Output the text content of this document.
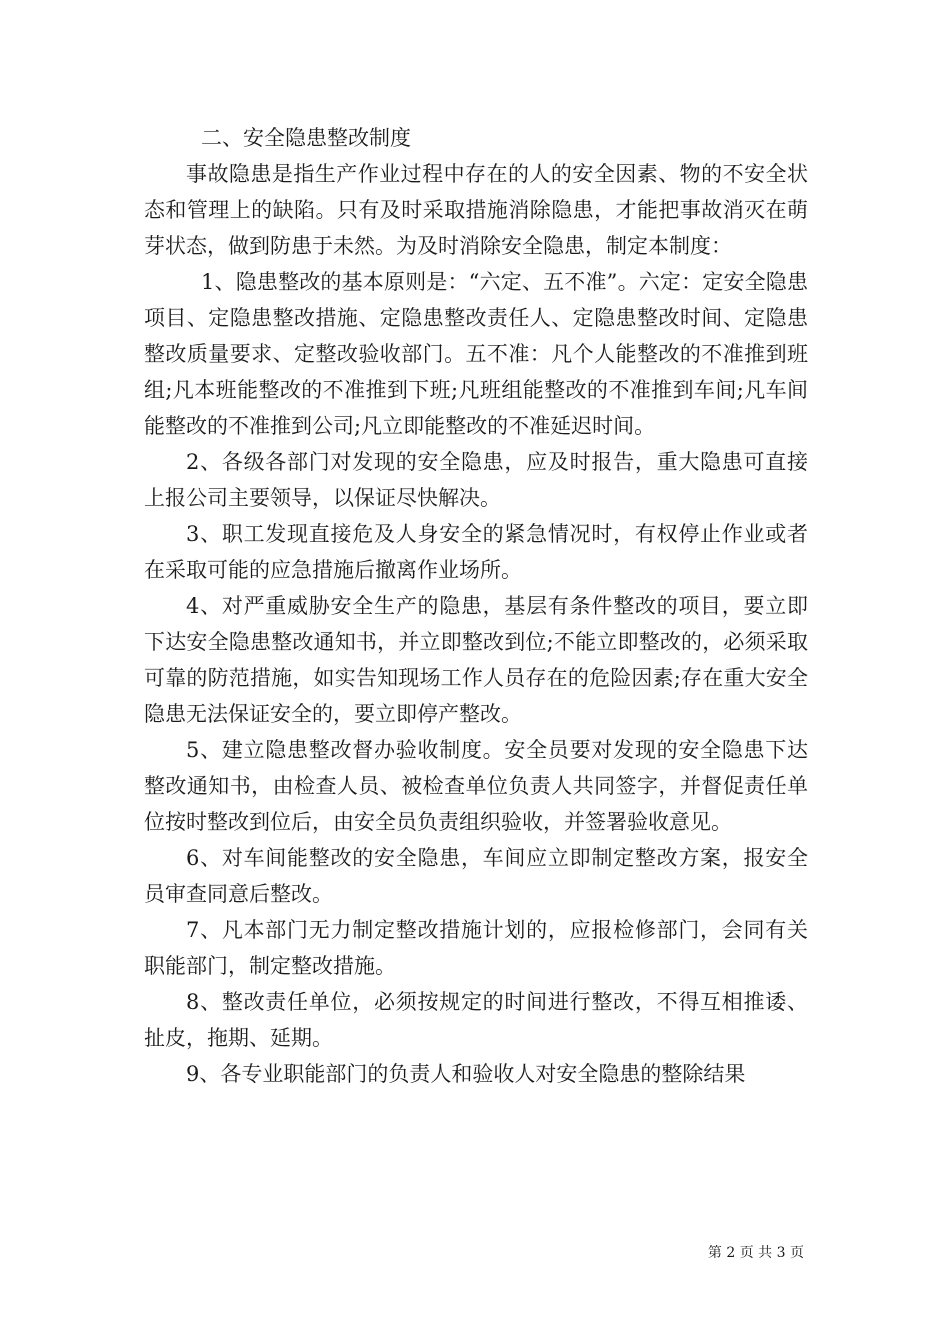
二、安全隐患整改制度

事故隐患是指生产作业过程中存在的人的安全因素、物的不安全状态和管理上的缺陷。只有及时采取措施消除隐患，才能把事故消灭在萌芽状态，做到防患于未然。为及时消除安全隐患，制定本制度：

1、隐患整改的基本原则是：“六定、五不准”。六定：定安全隐患项目、定隐患整改措施、定隐患整改责任人、定隐患整改时间、定隐患整改质量要求、定整改验收部门。五不准：凡个人能整改的不准推到班组;凡本班能整改的不准推到下班;凡班组能整改的不准推到车间;凡车间能整改的不准推到公司;凡立即能整改的不准延迟时间。

2、各级各部门对发现的安全隐患，应及时报告，重大隐患可直接上报公司主要领导，以保证尽快解决。

3、职工发现直接危及人身安全的紧急情况时，有权停止作业或者在采取可能的应急措施后撤离作业场所。

4、对严重威胁安全生产的隐患，基层有条件整改的项目，要立即下达安全隐患整改通知书，并立即整改到位;不能立即整改的，必须采取可靠的防范措施，如实告知现场工作人员存在的危险因素;存在重大安全隐患无法保证安全的，要立即停产整改。

5、建立隐患整改督办验收制度。安全员要对发现的安全隐患下达整改通知书，由检查人员、被检查单位负责人共同签字，并督促责任单位按时整改到位后，由安全员负责组织验收，并签署验收意见。

6、对车间能整改的安全隐患，车间应立即制定整改方案，报安全员审查同意后整改。

7、凡本部门无力制定整改措施计划的，应报检修部门，会同有关职能部门，制定整改措施。

8、整改责任单位，必须按规定的时间进行整改，不得互相推诿、扯皮，拖期、延期。

9、各专业职能部门的负责人和验收人对安全隐患的整除结果

第 2 页 共 3 页
